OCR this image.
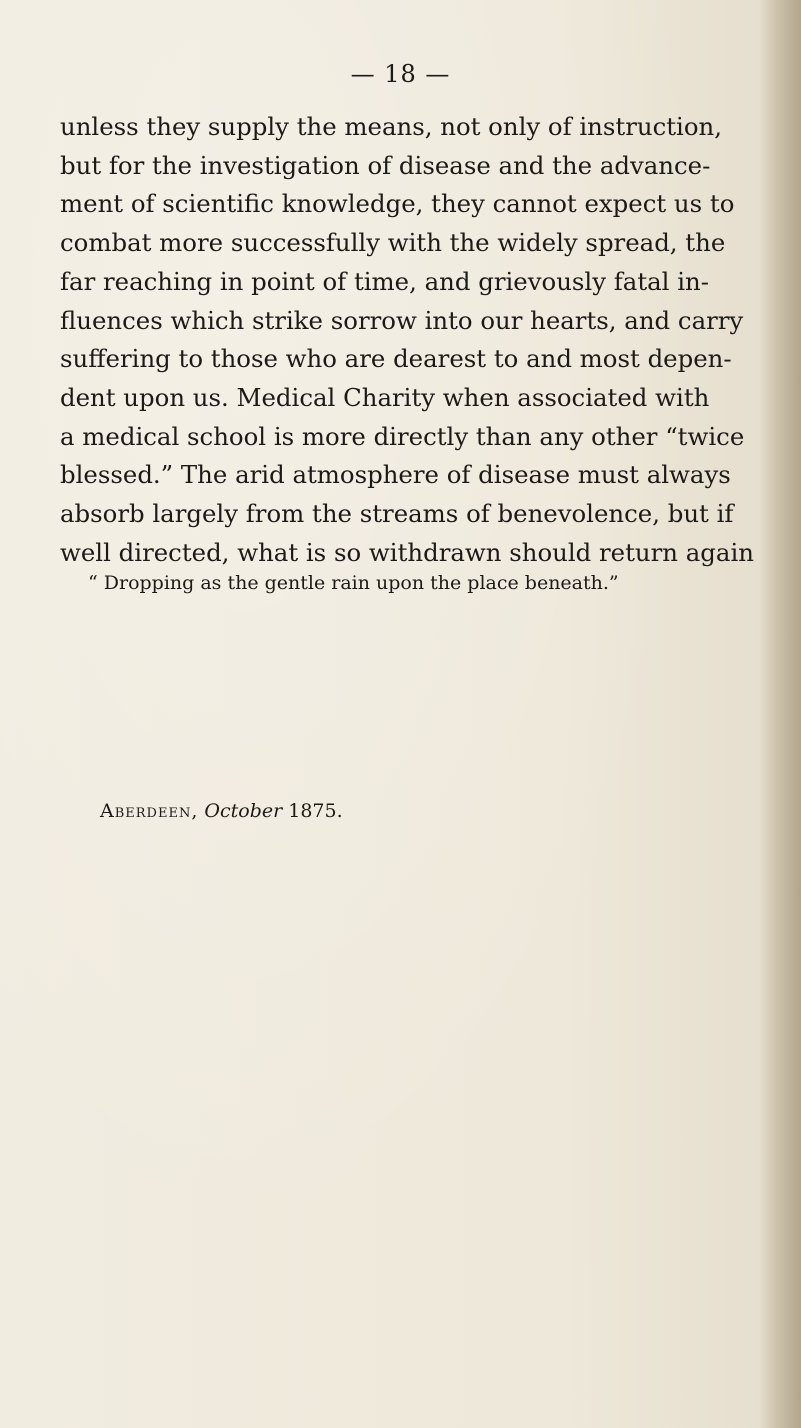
— 18 —

unless they supply the means, not only of instruction,
but for the investigation of disease and the advance-
ment of scientific knowledge, they cannot expect us to
combat more successfully with the widely spread, the
far reaching in point of time, and grievously fatal in-
fluences which strike sorrow into our hearts, and carry
suffering to those who are dearest to and most depen-
dent upon us. Medical Charity when associated with
a medical school is more directly than any other “twice
blessed.” The arid atmosphere of disease must always
absorb largely from the streams of benevolence, but if
well directed, what is so withdrawn should return again

“ Dropping as the gentle rain upon the place beneath.”
Aberdeen, October 1875.
